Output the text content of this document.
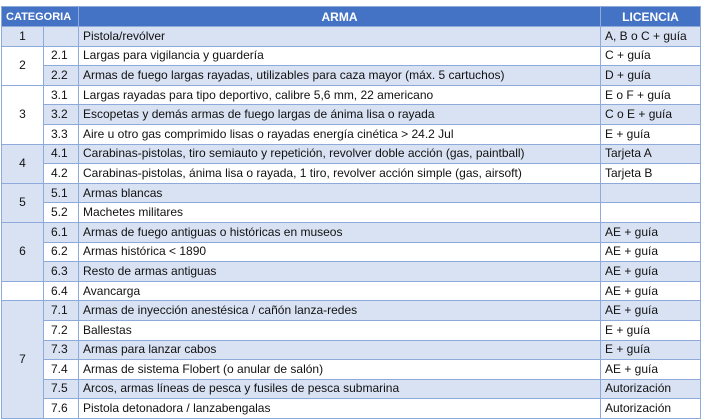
CATEGORIA		ARMA	LICENCIA
1		Pistola/revólver	A, B o C + guía
2	2.1	Largas para vigilancia y guardería	C + guía
	2.2	Armas de fuego largas rayadas, utilizables para caza mayor (máx. 5 cartuchos)	D + guía
3	3.1	Largas rayadas para tipo deportivo, calibre 5,6 mm, 22 americano	E o F + guía
	3.2	Escopetas y demás armas de fuego largas de ánima lisa o rayada	C o E + guía
	3.3	Aire u otro gas comprimido lisas o rayadas energía cinética > 24.2 Jul	E + guía
4	4.1	Carabinas-pistolas, tiro semiauto y repetición, revolver doble acción (gas, paintball)	Tarjeta A
	4.2	Carabinas-pistolas, ánima lisa o rayada, 1 tiro, revolver acción simple (gas, airsoft)	Tarjeta B
5	5.1	Armas blancas	
	5.2	Machetes militares	
6	6.1	Armas de fuego antiguas o históricas en museos	AE + guía
	6.2	Armas histórica < 1890	AE + guía
	6.3	Resto de armas antiguas	AE + guía
	6.4	Avancarga	AE + guía
7	7.1	Armas de inyección anestésica / cañón lanza-redes	AE + guía
	7.2	Ballestas	E + guía
	7.3	Armas para lanzar cabos	E + guía
	7.4	Armas de sistema Flobert (o anular de salón)	AE + guía
	7.5	Arcos, armas líneas de pesca y fusiles de pesca submarina	Autorización
	7.6	Pistola detonadora / lanzabengalas	Autorización
